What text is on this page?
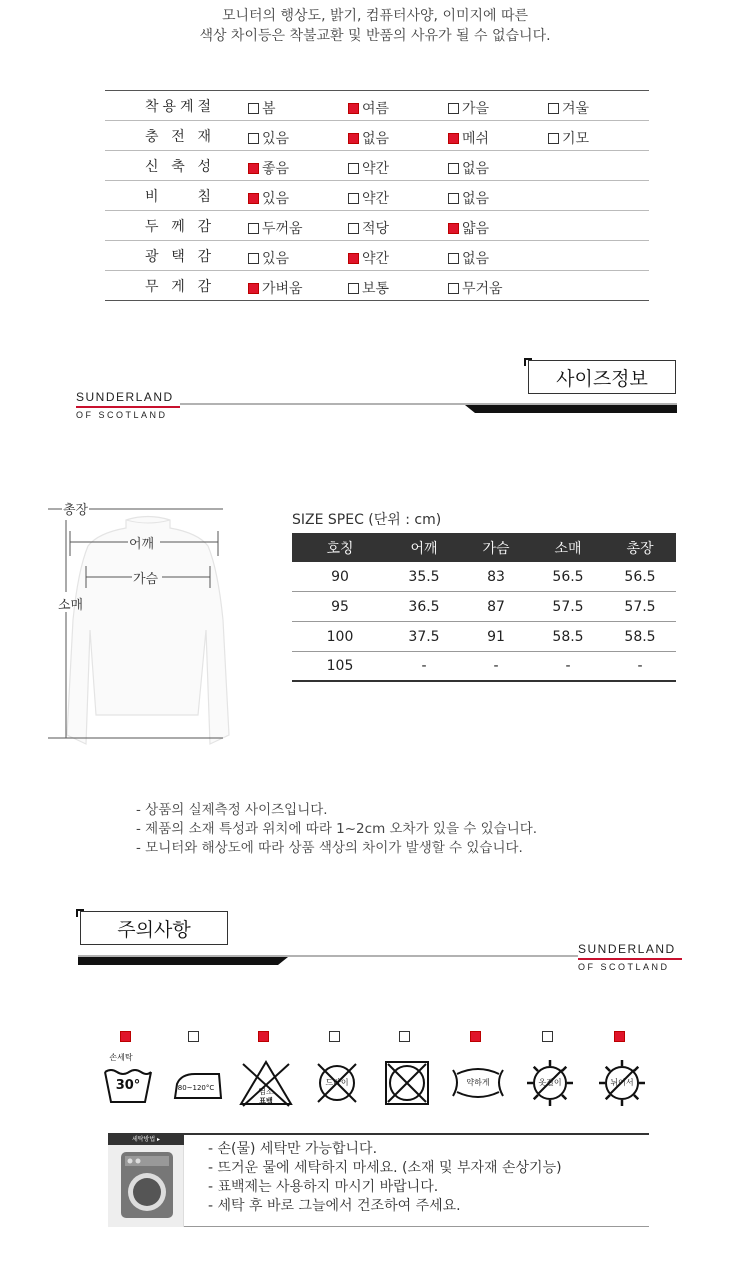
모니터의 행상도, 밝기, 컴퓨터사양, 이미지에 따른
색상 차이등은 착불교환 및 반품의 사유가 될 수 없습니다.
착 용 계 절	봄	여름	가을	겨울
충 전 재	있음	없음	메쉬	기모
신 축 성	좋음	약간	없음
비	침	있음	약간	없음
두 께 감	두꺼움	적당	얇음
광 택 감	있음	약간	없음
무 게 감	가벼움	보통	무거움
사이즈정보
SUNDERLAND
OF SCOTLAND
총장
어깨
가슴
소매
SIZE SPEC (단위 : cm)
호칭	어깨	가슴	소매	총장
90	35.5	83	56.5	56.5
95	36.5	87	57.5	57.5
100	37.5	91	58.5	58.5
105	-	-	-	-
- 상품의 실제측정 사이즈입니다.
- 제품의 소재 특성과 위치에 따라 1~2cm 오차가 있을 수 있습니다.
- 모니터와 해상도에 따라 상품 색상의 차이가 발생할 수 있습니다.
주의사항
SUNDERLAND
OF SCOTLAND
손세탁
30°	80~120°C	염소
표백
드라이	약하게	옷걸이	뉘어서
세탁방법 ▸
- 손(물) 세탁만 가능합니다.
- 뜨거운 물에 세탁하지 마세요. (소재 및 부자재 손상기능)
- 표백제는 사용하지 마시기 바랍니다.
- 세탁 후 바로 그늘에서 건조하여 주세요.
